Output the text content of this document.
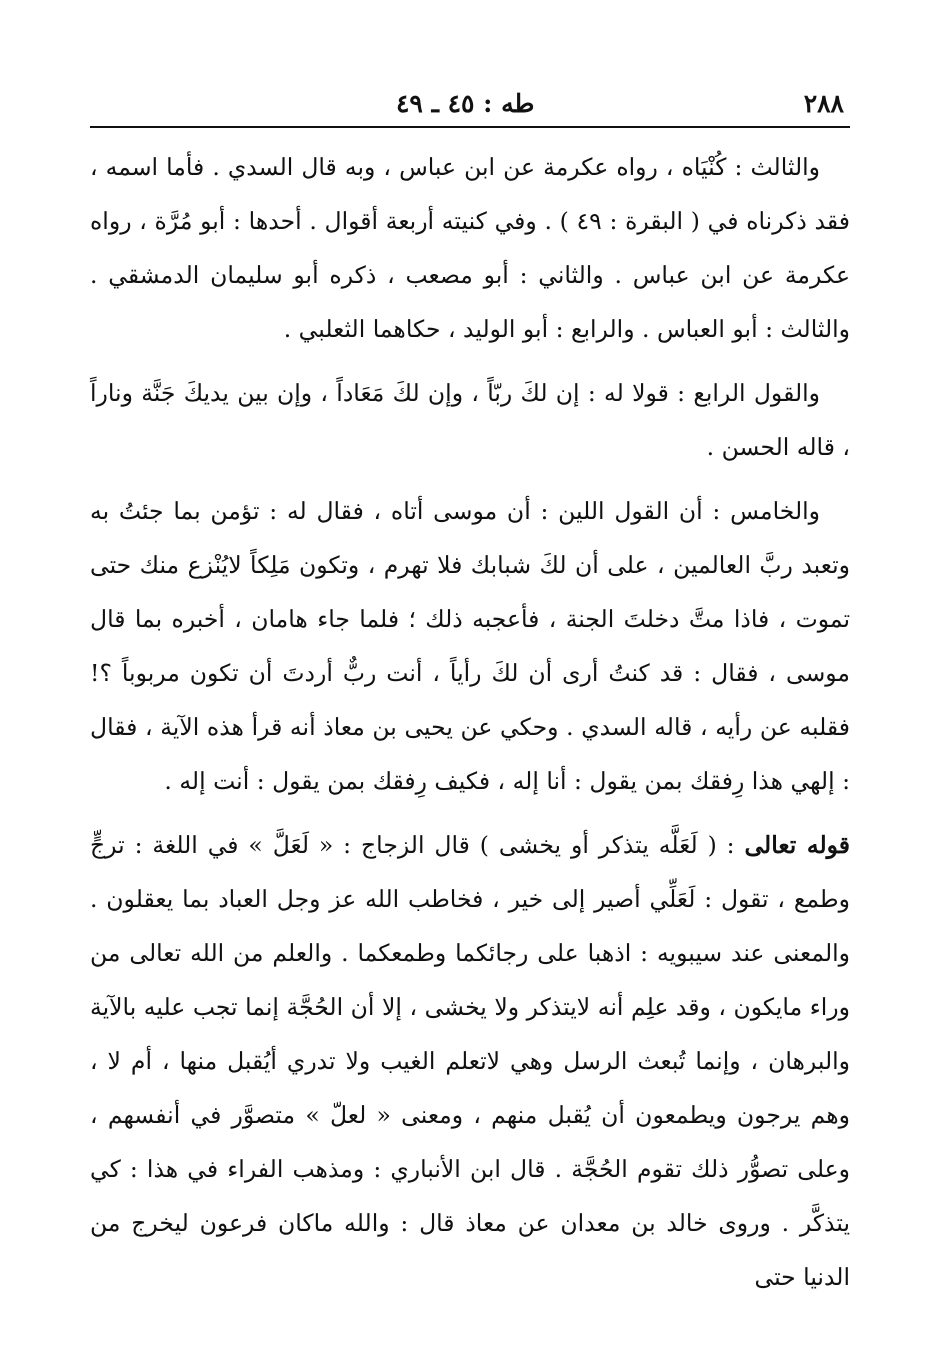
٢٨٨
طه : ٤٥ ـ ٤٩

والثالث : كُنْيَاه ، رواه عكرمة عن ابن عباس ، وبه قال السدي . فأما اسمه ، فقد ذكرناه في ( البقرة : ٤٩ ) . وفي كنيته أربعة أقوال . أحدها : أبو مُرَّة ، رواه عكرمة عن ابن عباس . والثاني : أبو مصعب ، ذكره أبو سليمان الدمشقي . والثالث : أبو العباس . والرابع : أبو الوليد ، حكاهما الثعلبي .

والقول الرابع : قولا له : إن لكَ ربّاً ، وإن لكَ مَعَاداً ، وإن بين يديكَ جَنَّة وناراً ، قاله الحسن .

والخامس : أن القول اللين : أن موسى أتاه ، فقال له : تؤمن بما جئتُ به وتعبد ربَّ العالمين ، على أن لكَ شبابك فلا تهرم ، وتكون مَلِكاً لايُنْزع منك حتى تموت ، فاذا متَّ دخلتَ الجنة ، فأعجبه ذلك ؛ فلما جاء هامان ، أخبره بما قال موسى ، فقال : قد كنتُ أرى أن لكَ رأياً ، أنت ربٌّ أردتَ أن تكون مربوباً ؟! فقلبه عن رأيه ، قاله السدي . وحكي عن يحيى بن معاذ أنه قرأ هذه الآية ، فقال : إلهي هذا رِفقك بمن يقول : أنا إله ، فكيف رِفقك بمن يقول : أنت إله .

قوله تعالى : ( لَعَلَّه يتذكر أو يخشى ) قال الزجاج : « لَعَلَّ » في اللغة : ترجٍّ وطمع ، تقول : لَعَلِّي أصير إلى خير ، فخاطب الله عز وجل العباد بما يعقلون . والمعنى عند سيبويه : اذهبا على رجائكما وطمعكما . والعلم من الله تعالى من وراء مايكون ، وقد علِم أنه لايتذكر ولا يخشى ، إلا أن الحُجَّة إنما تجب عليه بالآية والبرهان ، وإنما تُبعث الرسل وهي لاتعلم الغيب ولا تدري أيُقبل منها ، أم لا ، وهم يرجون ويطمعون أن يُقبل منهم ، ومعنى « لعلّ » متصوَّر في أنفسهم ، وعلى تصوُّر ذلك تقوم الحُجَّة . قال ابن الأنباري : ومذهب الفراء في هذا : كي يتذكَّر . وروى خالد بن معدان عن معاذ قال : والله ماكان فرعون ليخرج من الدنيا حتى
